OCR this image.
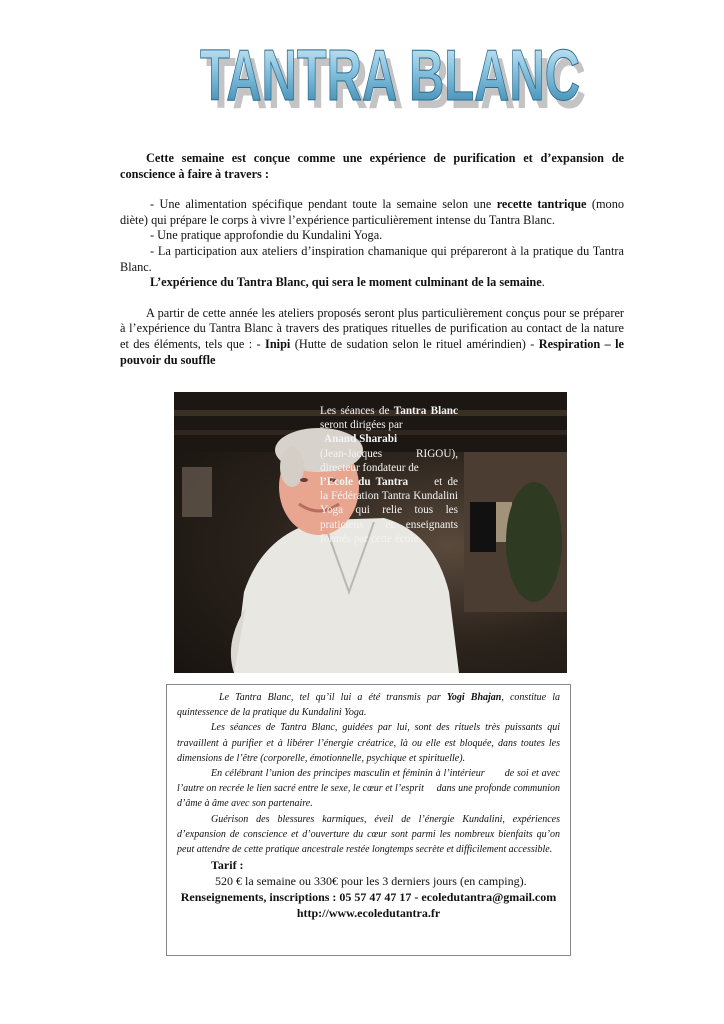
TANTRA BLANC
TANTRA BLANC

Cette semaine est conçue comme une expérience de purification et d’expansion de conscience à faire à travers :

- Une alimentation spécifique pendant toute la semaine selon une recette tantrique (mono diète) qui prépare le corps à vivre l’expérience particulièrement intense du Tantra Blanc.

- Une pratique approfondie du Kundalini Yoga.

- La participation aux ateliers d’inspiration chamanique qui prépareront à la pratique du Tantra Blanc.

L’expérience du Tantra Blanc, qui sera le moment culminant de la semaine.

A partir de cette année les ateliers proposés seront plus particulièrement conçus pour se préparer à l’expérience du Tantra Blanc à travers des pratiques rituelles de purification au contact de la nature et des éléments, tels que : - Inipi (Hutte de sudation selon le rituel amérindien) - Respiration – le pouvoir du souffle

Les séances de Tantra Blanc seront dirigées par
Anand Sharabi
(Jean-Jacques RIGOU), directeur fondateur de
l’Ecole du Tantra et de la Fédération Tantra Kundalini Yoga qui relie tous les praticiens et enseignants formés par cette école.

Le Tantra Blanc, tel qu’il lui a été transmis par Yogi Bhajan, constitue la quintessence de la pratique du Kundalini Yoga.

Les séances de Tantra Blanc, guidées par lui, sont des rituels très puissants qui travaillent à purifier et à libérer l’énergie créatrice, là ou elle est bloquée, dans toutes les dimensions de l’être (corporelle, émotionnelle, psychique et spirituelle).

En célébrant l’union des principes masculin et féminin à l’intérieur       de soi et avec l’autre on recrée le lien sacré entre le sexe, le cœur et l’esprit     dans une profonde communion d’âme à âme avec son partenaire.

Guérison des blessures karmiques, éveil de l’énergie Kundalini, expériences d’expansion de conscience et d’ouverture du cœur sont parmi les nombreux bienfaits qu’on peut attendre de cette pratique ancestrale restée longtemps secrète et difficilement accessible.

Tarif :

520 € la semaine ou 330€ pour les 3 derniers jours (en camping).

Renseignements, inscriptions : 05 57 47 47 17 - ecoledutantra@gmail.com

http://www.ecoledutantra.fr
